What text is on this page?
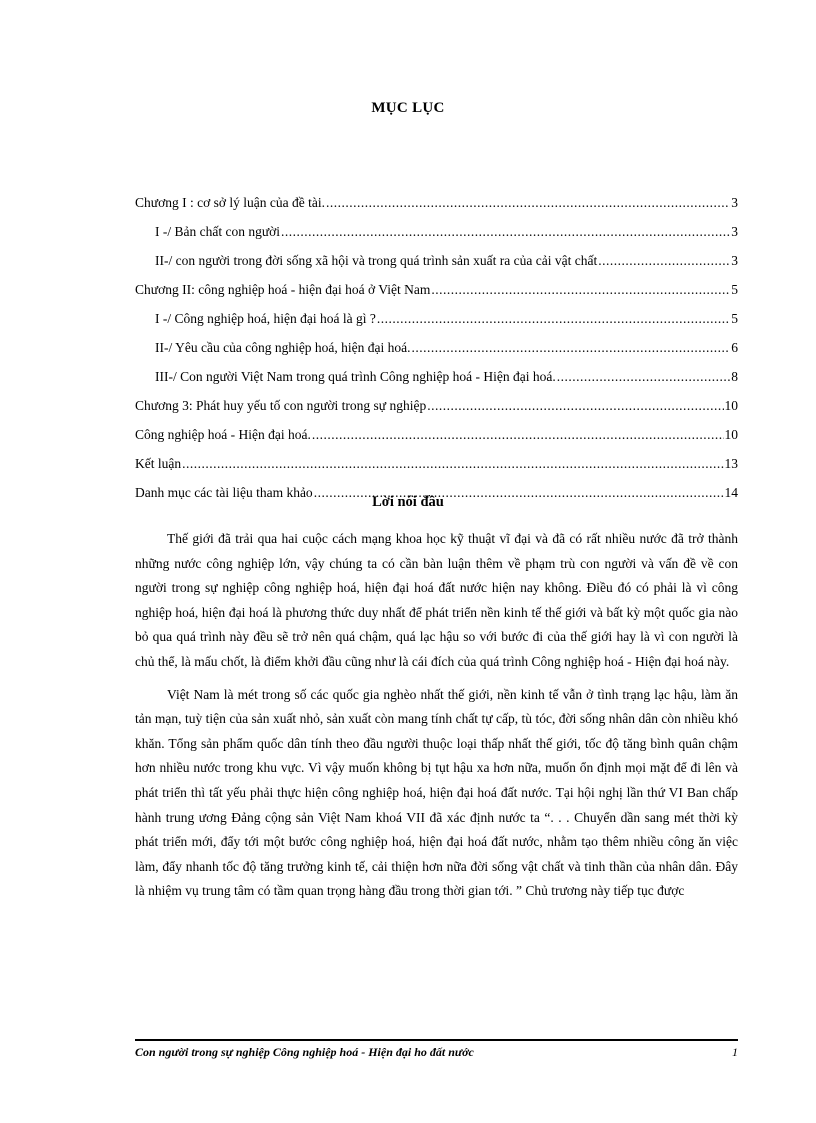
MỤC LỤC
Chương I : cơ sở lý luận của đề tài. .....	3
I -/ Bản chất con người .....	3
II-/ con người trong đời sống xã hội và trong quá trình sản xuất ra của cải vật chất .....	3
Chương II: công nghiệp hoá - hiện đại hoá ở Việt Nam .....	5
I -/ Công nghiệp hoá, hiện đại hoá là gì ? .....	5
II-/ Yêu cầu của công nghiệp hoá, hiện đại hoá. .....	6
III-/ Con người Việt Nam trong quá trình Công nghiệp hoá - Hiện đại hoá. .....	8
Chương 3: Phát huy yếu tố con người trong sự nghiệp .....	10
Công nghiệp hoá - Hiện đại hoá. .....	10
Kết luận .....	13
Danh mục các tài liệu tham khảo .....	14
Lời nói đầu

Thế giới đã trải qua hai cuộc cách mạng khoa học kỹ thuật vĩ đại và đã có rất nhiều nước đã trở thành những nước công nghiệp lớn, vậy chúng ta có cần bàn luận thêm về phạm trù con người và vấn đề về con người trong sự nghiệp công nghiệp hoá, hiện đại hoá đất nước hiện nay không. Điều đó có phải là vì công nghiệp hoá, hiện đại hoá là phương thức duy nhất để phát triển nền kinh tế thế giới và bất kỳ một quốc gia nào bỏ qua quá trình này đều sẽ trở nên quá chậm, quá lạc hậu so với bước đi của thế giới hay là vì con người là chủ thể, là mấu chốt, là điểm khởi đầu cũng như là cái đích của quá trình Công nghiệp hoá - Hiện đại hoá này.

Việt Nam là mét trong số các quốc gia nghèo nhất thế giới, nền kinh tế vẫn ở tình trạng lạc hậu, làm ăn tản mạn, tuỳ tiện của sản xuất nhỏ, sản xuất còn mang tính chất tự cấp, tù tóc, đời sống nhân dân còn nhiều khó khăn. Tổng sản phẩm quốc dân tính theo đầu người thuộc loại thấp nhất thế giới, tốc độ tăng bình quân chậm hơn nhiều nước trong khu vực. Vì vậy muốn không bị tụt hậu xa hơn nữa, muốn ổn định mọi mặt để đi lên và phát triển thì tất yếu phải thực hiện công nghiệp hoá, hiện đại hoá đất nước. Tại hội nghị lần thứ VI Ban chấp hành trung ương Đảng cộng sản Việt Nam khoá VII đã xác định nước ta “. . . Chuyển dần sang mét thời kỳ phát triển mới, đẩy tới một bước công nghiệp hoá, hiện đại hoá đất nước, nhằm tạo thêm nhiều công ăn việc làm, đẩy nhanh tốc độ tăng trưởng kinh tế, cải thiện hơn nữa đời sống vật chất và tinh thần của nhân dân. Đây là nhiệm vụ trung tâm có tầm quan trọng hàng đầu trong thời gian tới. ” Chủ trương này tiếp tục được

Con người trong sự nghiệp Công nghiệp hoá - Hiện đại ho đất nước	1
